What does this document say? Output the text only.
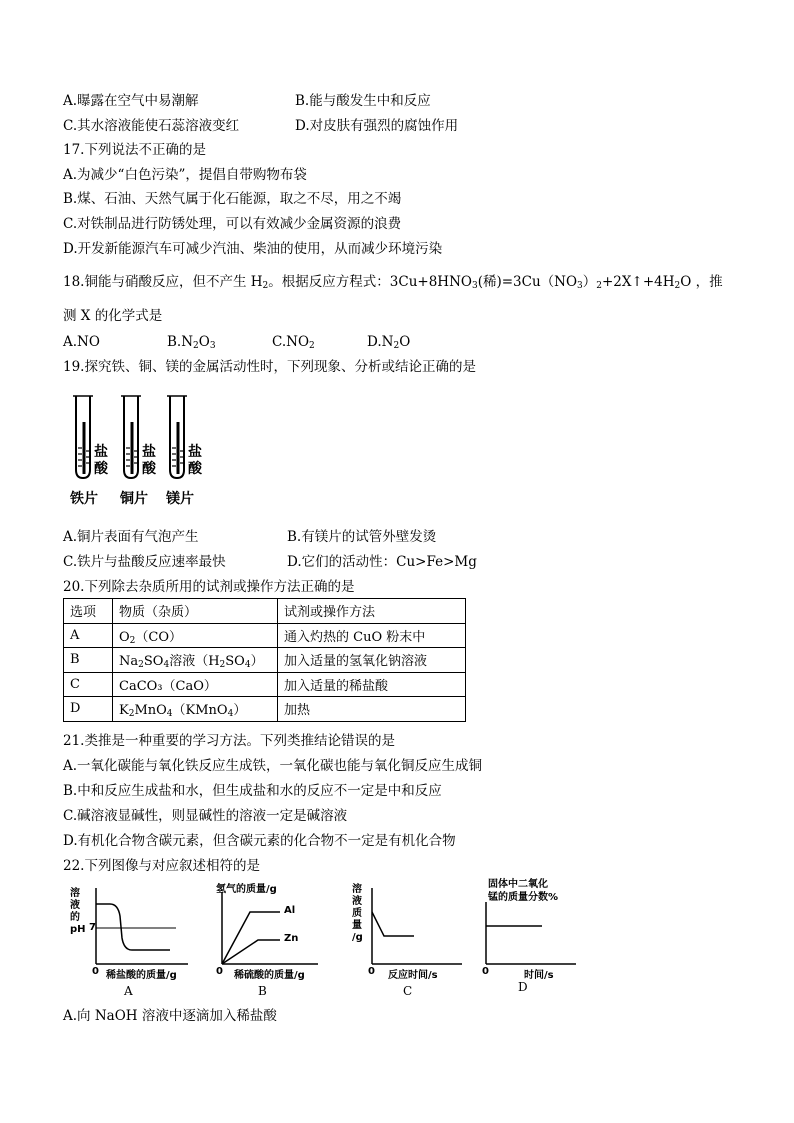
A.曝露在空气中易潮解	B.能与酸发生中和反应
C.其水溶液能使石蕊溶液变红	D.对皮肤有强烈的腐蚀作用
17.下列说法不正确的是
A.为减少“白色污染”，提倡自带购物布袋
B.煤、石油、天然气属于化石能源，取之不尽，用之不竭
C.对铁制品进行防锈处理，可以有效减少金属资源的浪费
D.开发新能源汽车可减少汽油、柴油的使用，从而减少环境污染
18.铜能与硝酸反应，但不产生 $H_2$。根据反应方程式：$3Cu+8HNO_3$(稀)$=3Cu(NO_3)_2+2X↑+4H_2O$ ，推
测 X 的化学式是
A.NO	$B.N_2O_3$	$C.NO_2$	$D.N_2O$
19.探究铁、铜、镁的金属活动性时，下列现象、分析或结论正确的是
盐酸
盐酸
盐酸
铁片 铜片 镁片
A.铜片表面有气泡产生	B.有镁片的试管外壁发烫
C.铁片与盐酸反应速率最快	D.它们的活动性：Cu>Fe>Mg
20.下列除去杂质所用的试剂或操作方法正确的是
选项	物质（杂质）	试剂或操作方法
A	$O_2(CO)$	通入灼热的 CuO 粉末中
B	$Na_2SO_4$溶液$(H_2SO_4)$	加入适量的氢氧化钠溶液
C	CaCO₃（CaO）	加入适量的稀盐酸
D	$K_2MnO_4(KMnO_4)$	加热
21.类推是一种重要的学习方法。下列类推结论错误的是
A.一氧化碳能与氧化铁反应生成铁，一氧化碳也能与氧化铜反应生成铜
B.中和反应生成盐和水，但生成盐和水的反应不一定是中和反应
C.碱溶液显碱性，则显碱性的溶液一定是碱溶液
D.有机化合物含碳元素，但含碳元素的化合物不一定是有机化合物
22.下列图像与对应叙述相符的是
溶
液
的
pH 7
0 稀盐酸的质量/g
A
氢气的质量/g
Al
Zn
0 稀硫酸的质量/g
B
溶
液
质
量
/g
0 反应时间/s
C
固体中二氧化
锰的质量分数%
0	时间/s
D
A.向 NaOH 溶液中逐滴加入稀盐酸
